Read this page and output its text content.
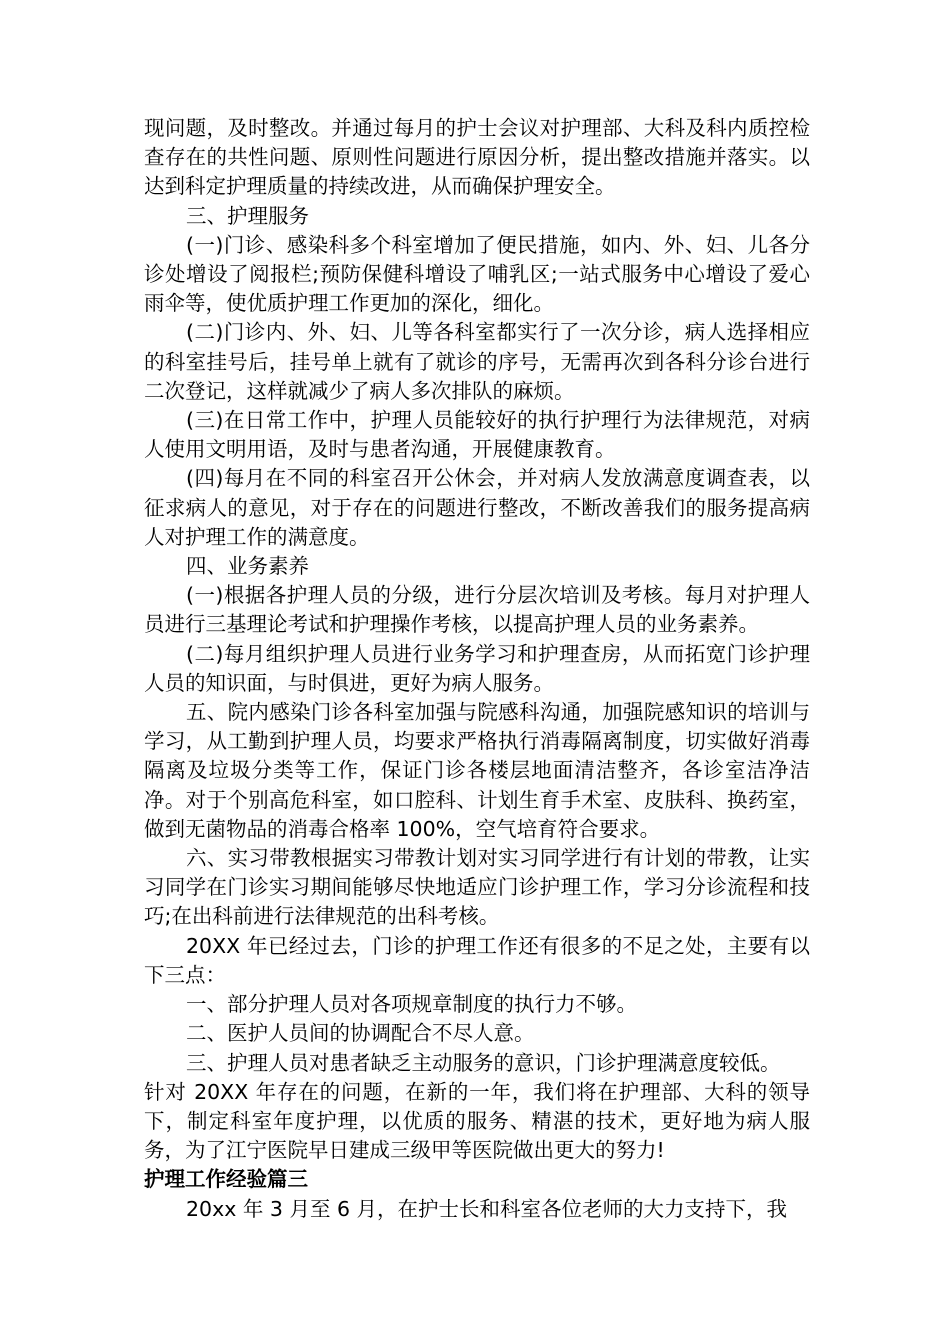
现问题，及时整改。并通过每月的护士会议对护理部、大科及科内质控检查存在的共性问题、原则性问题进行原因分析，提出整改措施并落实。以达到科定护理质量的持续改进，从而确保护理安全。

三、护理服务

(一)门诊、感染科多个科室增加了便民措施，如内、外、妇、儿各分诊处增设了阅报栏;预防保健科增设了哺乳区;一站式服务中心增设了爱心雨伞等，使优质护理工作更加的深化，细化。

(二)门诊内、外、妇、儿等各科室都实行了一次分诊，病人选择相应的科室挂号后，挂号单上就有了就诊的序号，无需再次到各科分诊台进行二次登记，这样就减少了病人多次排队的麻烦。

(三)在日常工作中，护理人员能较好的执行护理行为法律规范，对病人使用文明用语，及时与患者沟通，开展健康教育。

(四)每月在不同的科室召开公休会，并对病人发放满意度调查表，以征求病人的意见，对于存在的问题进行整改，不断改善我们的服务提高病人对护理工作的满意度。

四、业务素养

(一)根据各护理人员的分级，进行分层次培训及考核。每月对护理人员进行三基理论考试和护理操作考核，以提高护理人员的业务素养。

(二)每月组织护理人员进行业务学习和护理查房，从而拓宽门诊护理人员的知识面，与时俱进，更好为病人服务。

五、院内感染门诊各科室加强与院感科沟通，加强院感知识的培训与学习，从工勤到护理人员，均要求严格执行消毒隔离制度，切实做好消毒隔离及垃圾分类等工作，保证门诊各楼层地面清洁整齐，各诊室洁净洁净。对于个别高危科室，如口腔科、计划生育手术室、皮肤科、换药室，做到无菌物品的消毒合格率 100%，空气培育符合要求。

六、实习带教根据实习带教计划对实习同学进行有计划的带教，让实习同学在门诊实习期间能够尽快地适应门诊护理工作，学习分诊流程和技巧;在出科前进行法律规范的出科考核。

20XX 年已经过去，门诊的护理工作还有很多的不足之处，主要有以下三点：

一、部分护理人员对各项规章制度的执行力不够。

二、医护人员间的协调配合不尽人意。

三、护理人员对患者缺乏主动服务的意识，门诊护理满意度较低。

针对 20XX 年存在的问题，在新的一年，我们将在护理部、大科的领导下，制定科室年度护理，以优质的服务、精湛的技术，更好地为病人服务，为了江宁医院早日建成三级甲等医院做出更大的努力!

护理工作经验篇三

20xx 年 3 月至 6 月，在护士长和科室各位老师的大力支持下，我
